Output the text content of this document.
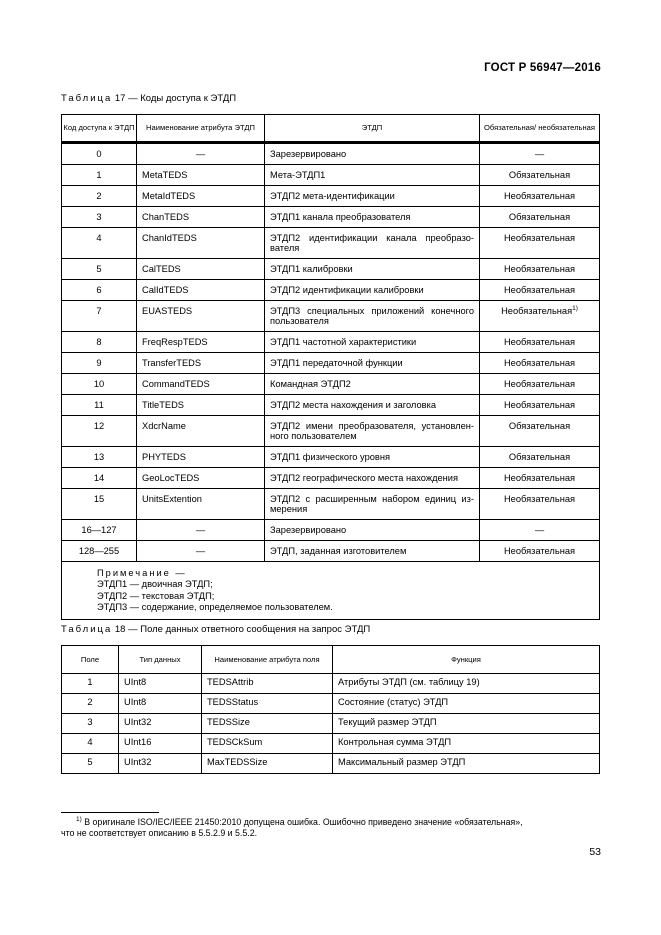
ГОСТ Р 56947—2016
Таблица 17 — Коды доступа к ЭТДП
Код доступа к ЭТДП	Наименование атрибута ЭТДП	ЭТДП	Обязательная/ необязательная

0	—	Зарезервировано	—
1	MetaTEDS	Мета-ЭТДП1	Обязательная
2	MetaIdTEDS	ЭТДП2 мета-идентификации	Необязательная
3	ChanTEDS	ЭТДП1 канала преобразователя	Обязательная
4	ChanIdTEDS	ЭТДП2 идентификации канала преобразо-вателя	Необязательная
5	CalTEDS	ЭТДП1 калибровки	Необязательная
6	CalIdTEDS	ЭТДП2 идентификации калибровки	Необязательная
7	EUASTEDS	ЭТДП3 специальных приложений конечного пользователя	Необязательная$^{1)}$
8	FreqRespTEDS	ЭТДП1 частотной характеристики	Необязательная
9	TransferTEDS	ЭТДП1 передаточной функции	Необязательная
10	CommandTEDS	Командная ЭТДП2	Необязательная
11	TitleTEDS	ЭТДП2 места нахождения и заголовка	Необязательная
12	XdcrName	ЭТДП2 имени преобразователя, установлен-ного пользователем	Обязательная
13	PHYTEDS	ЭТДП1 физического уровня	Обязательная
14	GeoLocTEDS	ЭТДП2 географического места нахождения	Необязательная
15	UnitsExtention	ЭТДП2 с расширенным набором единиц из-мерения	Необязательная
16—127	—	Зарезервировано	—
128—255	—	ЭТДП, заданная изготовителем	Необязательная

Примечание —
ЭТДП1 — двоичная ЭТДП;
ЭТДП2 — текстовая ЭТДП;
ЭТДП3 — содержание, определяемое пользователем.			
Таблица 18 — Поле данных ответного сообщения на запрос ЭТДП
Поле	Тип данных	Наименование атрибута поля	Функция
1	UInt8	TEDSAttrib	Атрибуты ЭТДП (см. таблицу 19)
2	UInt8	TEDSStatus	Состояние (статус) ЭТДП
3	UInt32	TEDSSize	Текущий размер ЭТДП
4	UInt16	TEDSCkSum	Контрольная сумма ЭТДП
5	UInt32	MaxTEDSSize	Максимальный размер ЭТДП
$^{1)}$ В оригинале ISO/IEC/IEEE 21450:2010 допущена ошибка. Ошибочно приведено значение «обязательная»,
что не соответствует описанию в 5.5.2.9 и 5.5.2.
53
